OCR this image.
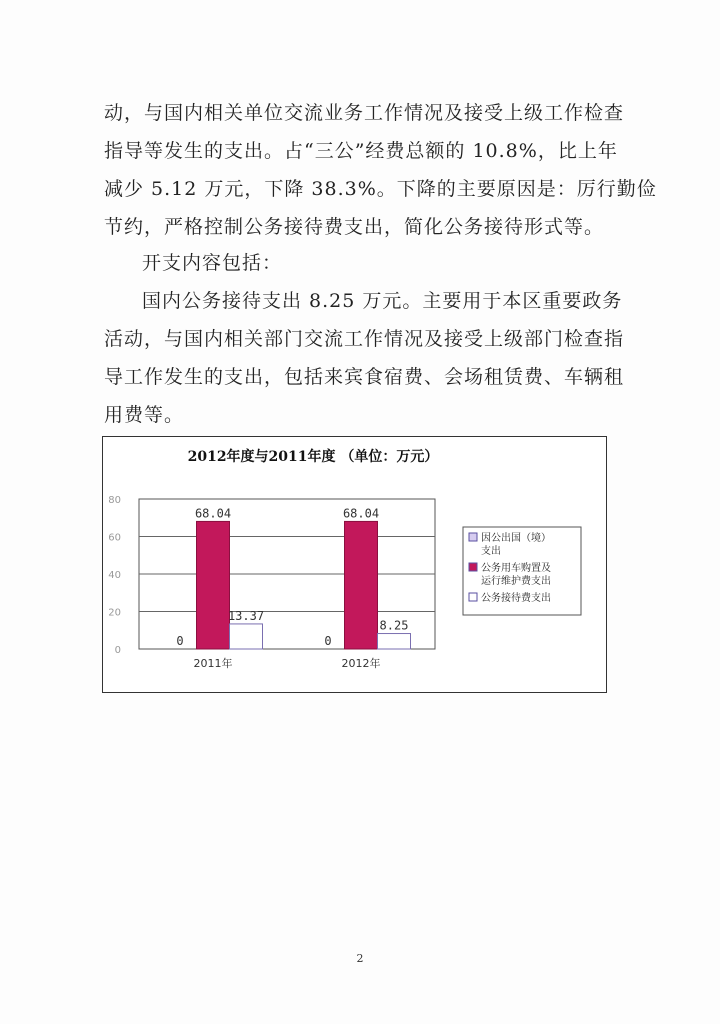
动，与国内相关单位交流业务工作情况及接受上级工作检查
指导等发生的支出。占“三公”经费总额的 10.8%，比上年
减少 5.12 万元，下降 38.3%。下降的主要原因是：厉行勤俭
节约，严格控制公务接待费支出，简化公务接待形式等。

开支内容包括：

国内公务接待支出 8.25 万元。主要用于本区重要政务
活动，与国内相关部门交流工作情况及接受上级部门检查指
导工作发生的支出，包括来宾食宿费、会场租赁费、车辆租
用费等。

2012年度与2011年度 （单位：万元）
0
20
40
60
80
0
68.04
13.37
2011年
0
68.04
8.25
2012年
因公出国（境）
支出
公务用车购置及
运行维护费支出
公务接待费支出
2
